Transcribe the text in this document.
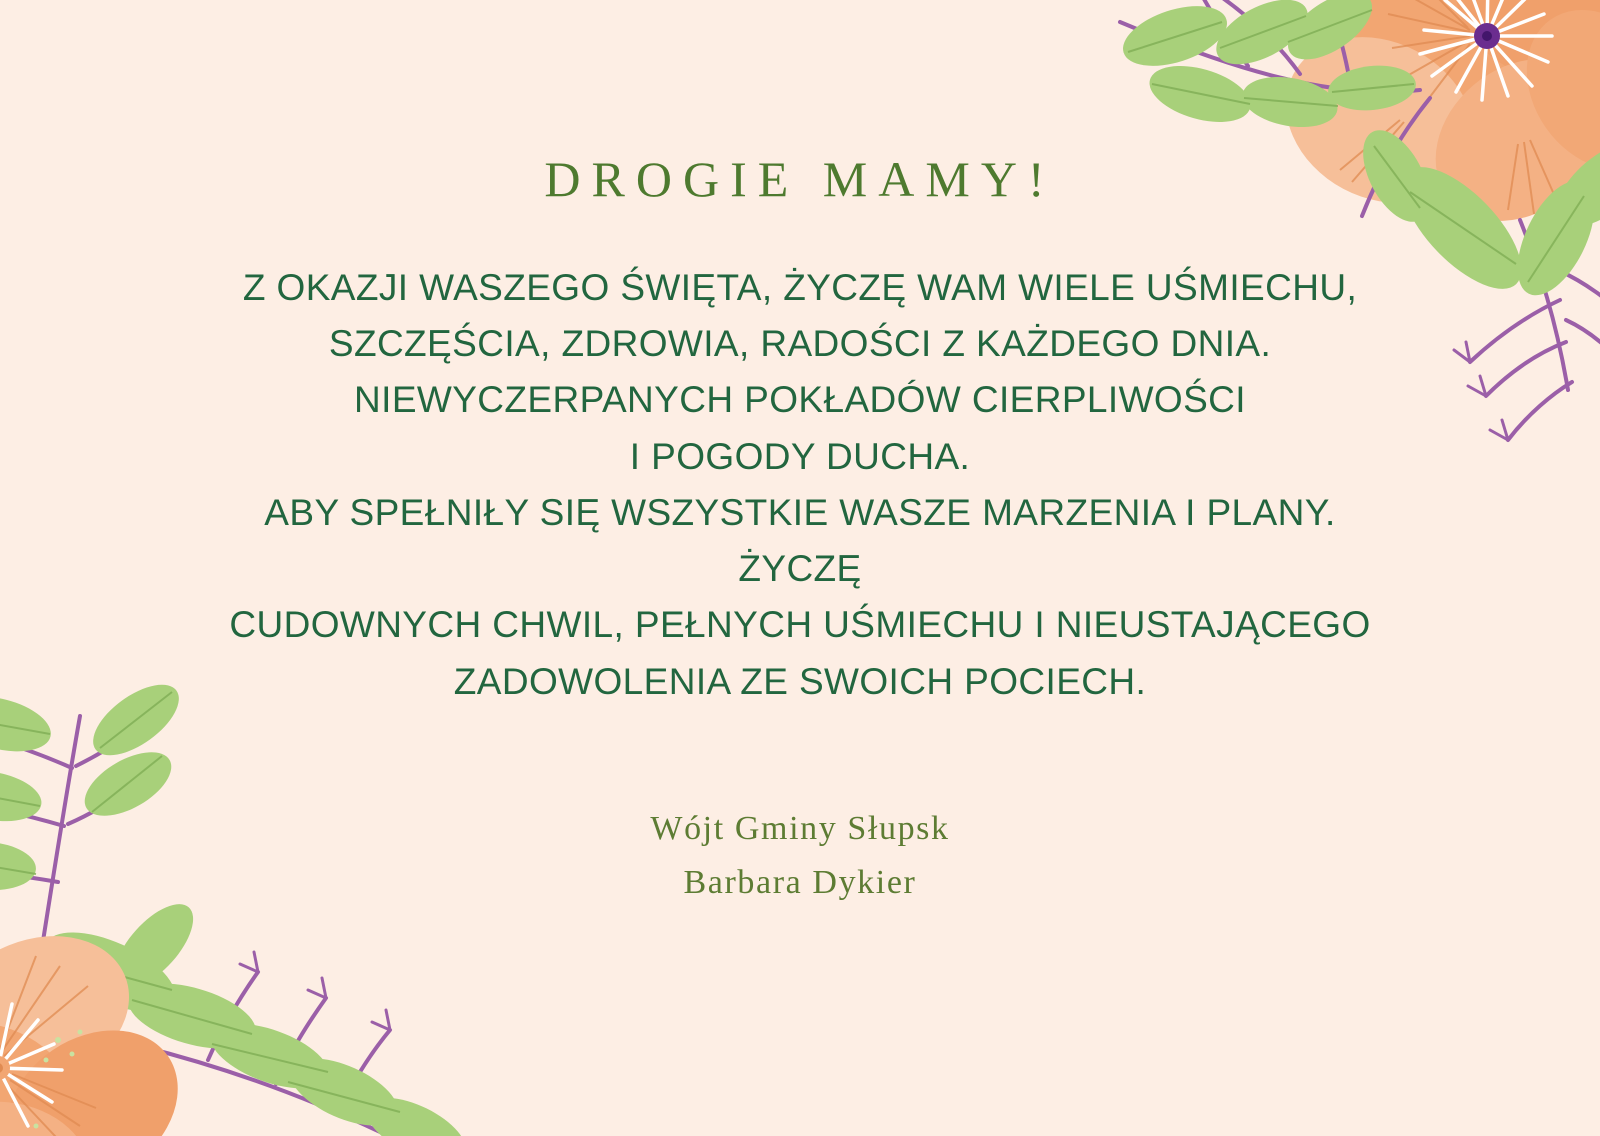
DROGIE MAMY!
Z OKAZJI WASZEGO ŚWIĘTA, ŻYCZĘ WAM WIELE UŚMIECHU,
SZCZĘŚCIA, ZDROWIA, RADOŚCI Z KAŻDEGO DNIA.
NIEWYCZERPANYCH POKŁADÓW CIERPLIWOŚCI
I POGODY DUCHA.
ABY SPEŁNIŁY SIĘ WSZYSTKIE WASZE MARZENIA I PLANY.
ŻYCZĘ
CUDOWNYCH CHWIL, PEŁNYCH UŚMIECHU I NIEUSTAJĄCEGO
ZADOWOLENIA ZE SWOICH POCIECH.
Wójt Gminy Słupsk
Barbara Dykier
